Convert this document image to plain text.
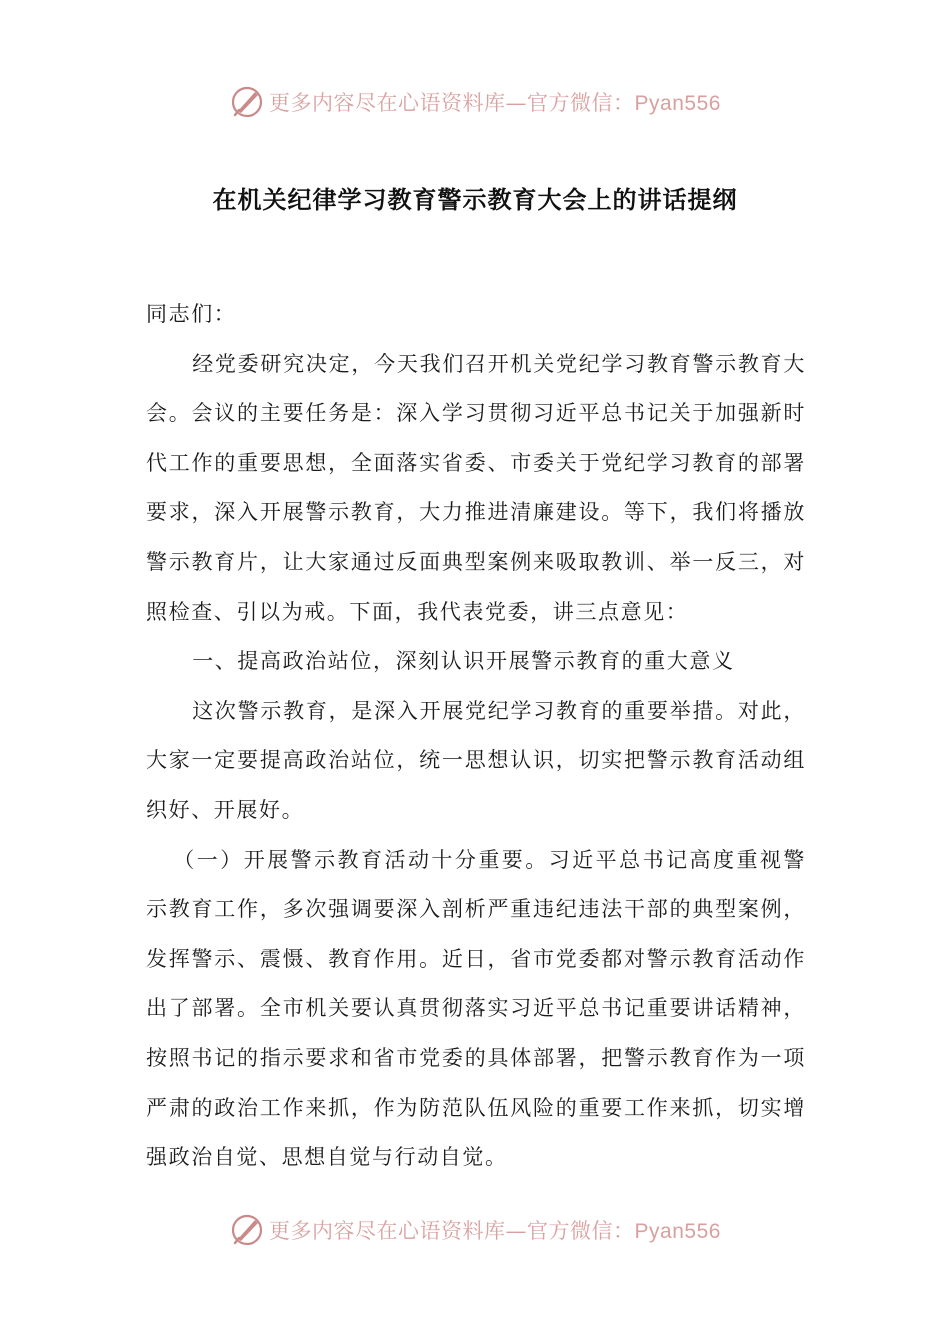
更多内容尽在心语资料库—官方微信：Pyan556
在机关纪律学习教育警示教育大会上的讲话提纲

同志们：

经党委研究决定，今天我们召开机关党纪学习教育警示教育大会。会议的主要任务是：深入学习贯彻习近平总书记关于加强新时代工作的重要思想，全面落实省委、市委关于党纪学习教育的部署要求，深入开展警示教育，大力推进清廉建设。等下，我们将播放警示教育片，让大家通过反面典型案例来吸取教训、举一反三，对照检查、引以为戒。下面，我代表党委，讲三点意见：

一、提高政治站位，深刻认识开展警示教育的重大意义

这次警示教育，是深入开展党纪学习教育的重要举措。对此，大家一定要提高政治站位，统一思想认识，切实把警示教育活动组织好、开展好。

（一）开展警示教育活动十分重要。习近平总书记高度重视警示教育工作，多次强调要深入剖析严重违纪违法干部的典型案例，发挥警示、震慑、教育作用。近日，省市党委都对警示教育活动作出了部署。全市机关要认真贯彻落实习近平总书记重要讲话精神，按照书记的指示要求和省市党委的具体部署，把警示教育作为一项严肃的政治工作来抓，作为防范队伍风险的重要工作来抓，切实增强政治自觉、思想自觉与行动自觉。

更多内容尽在心语资料库—官方微信：Pyan556
